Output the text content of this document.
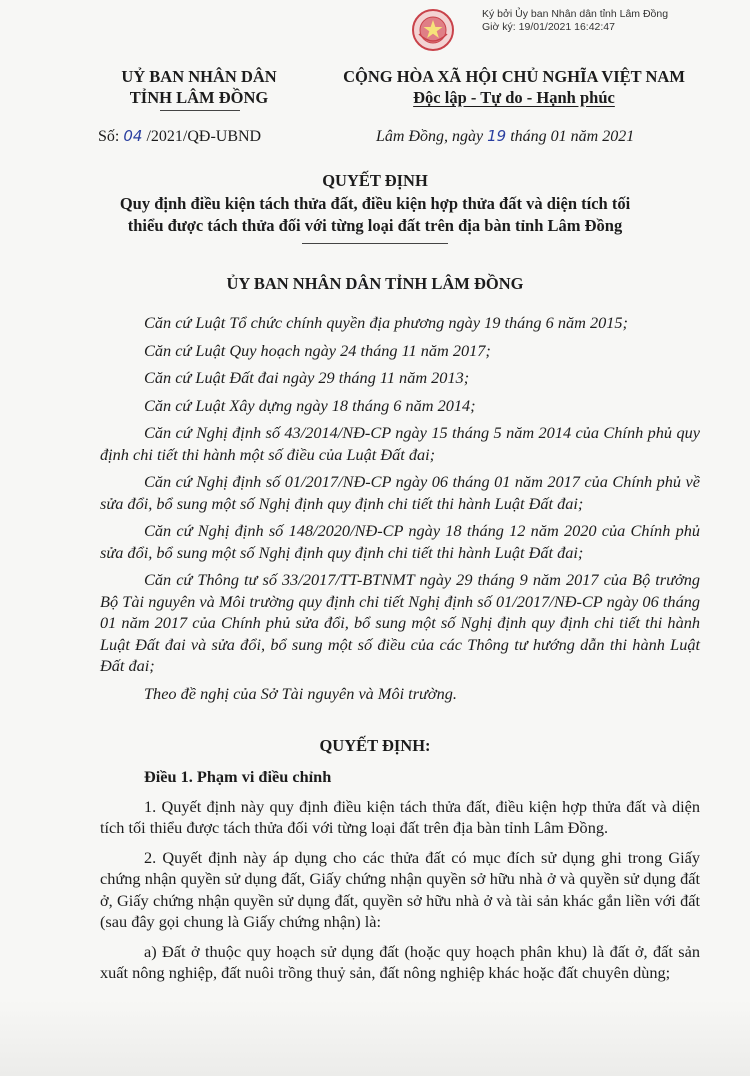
Ký bởi Ủy ban Nhân dân tỉnh Lâm Đồng
Giờ ký: 19/01/2021 16:42:47
UỶ BAN NHÂN DÂN
TỈNH LÂM ĐỒNG
CỘNG HÒA XÃ HỘI CHỦ NGHĨA VIỆT NAM
Độc lập - Tự do - Hạnh phúc
Số: 04 /2021/QĐ-UBND	Lâm Đồng, ngày 19 tháng 01 năm 2021
QUYẾT ĐỊNH
Quy định điều kiện tách thửa đất, điều kiện hợp thửa đất và diện tích tối
thiểu được tách thửa đối với từng loại đất trên địa bàn tỉnh Lâm Đồng
ỦY BAN NHÂN DÂN TỈNH LÂM ĐỒNG

Căn cứ Luật Tổ chức chính quyền địa phương ngày 19 tháng 6 năm 2015;

Căn cứ Luật Quy hoạch ngày 24 tháng 11 năm 2017;

Căn cứ Luật Đất đai ngày 29 tháng 11 năm 2013;

Căn cứ Luật Xây dựng ngày 18 tháng 6 năm 2014;

Căn cứ Nghị định số 43/2014/NĐ-CP ngày 15 tháng 5 năm 2014 của Chính phủ quy định chi tiết thi hành một số điều của Luật Đất đai;

Căn cứ Nghị định số 01/2017/NĐ-CP ngày 06 tháng 01 năm 2017 của Chính phủ về sửa đổi, bổ sung một số Nghị định quy định chi tiết thi hành Luật Đất đai;

Căn cứ Nghị định số 148/2020/NĐ-CP ngày 18 tháng 12 năm 2020 của Chính phủ sửa đổi, bổ sung một số Nghị định quy định chi tiết thi hành Luật Đất đai;

Căn cứ Thông tư số 33/2017/TT-BTNMT ngày 29 tháng 9 năm 2017 của Bộ trưởng Bộ Tài nguyên và Môi trường quy định chi tiết Nghị định số 01/2017/NĐ-CP ngày 06 tháng 01 năm 2017 của Chính phủ sửa đổi, bổ sung một số Nghị định quy định chi tiết thi hành Luật Đất đai và sửa đổi, bổ sung một số điều của các Thông tư hướng dẫn thi hành Luật Đất đai;

Theo đề nghị của Sở Tài nguyên và Môi trường.

QUYẾT ĐỊNH:

Điều 1. Phạm vi điều chỉnh

1. Quyết định này quy định điều kiện tách thửa đất, điều kiện hợp thửa đất và diện tích tối thiểu được tách thửa đối với từng loại đất trên địa bàn tỉnh Lâm Đồng.

2. Quyết định này áp dụng cho các thửa đất có mục đích sử dụng ghi trong Giấy chứng nhận quyền sử dụng đất, Giấy chứng nhận quyền sở hữu nhà ở và quyền sử dụng đất ở, Giấy chứng nhận quyền sử dụng đất, quyền sở hữu nhà ở và tài sản khác gắn liền với đất (sau đây gọi chung là Giấy chứng nhận) là:

a) Đất ở thuộc quy hoạch sử dụng đất (hoặc quy hoạch phân khu) là đất ở, đất sản xuất nông nghiệp, đất nuôi trồng thuỷ sản, đất nông nghiệp khác hoặc đất chuyên dùng;
